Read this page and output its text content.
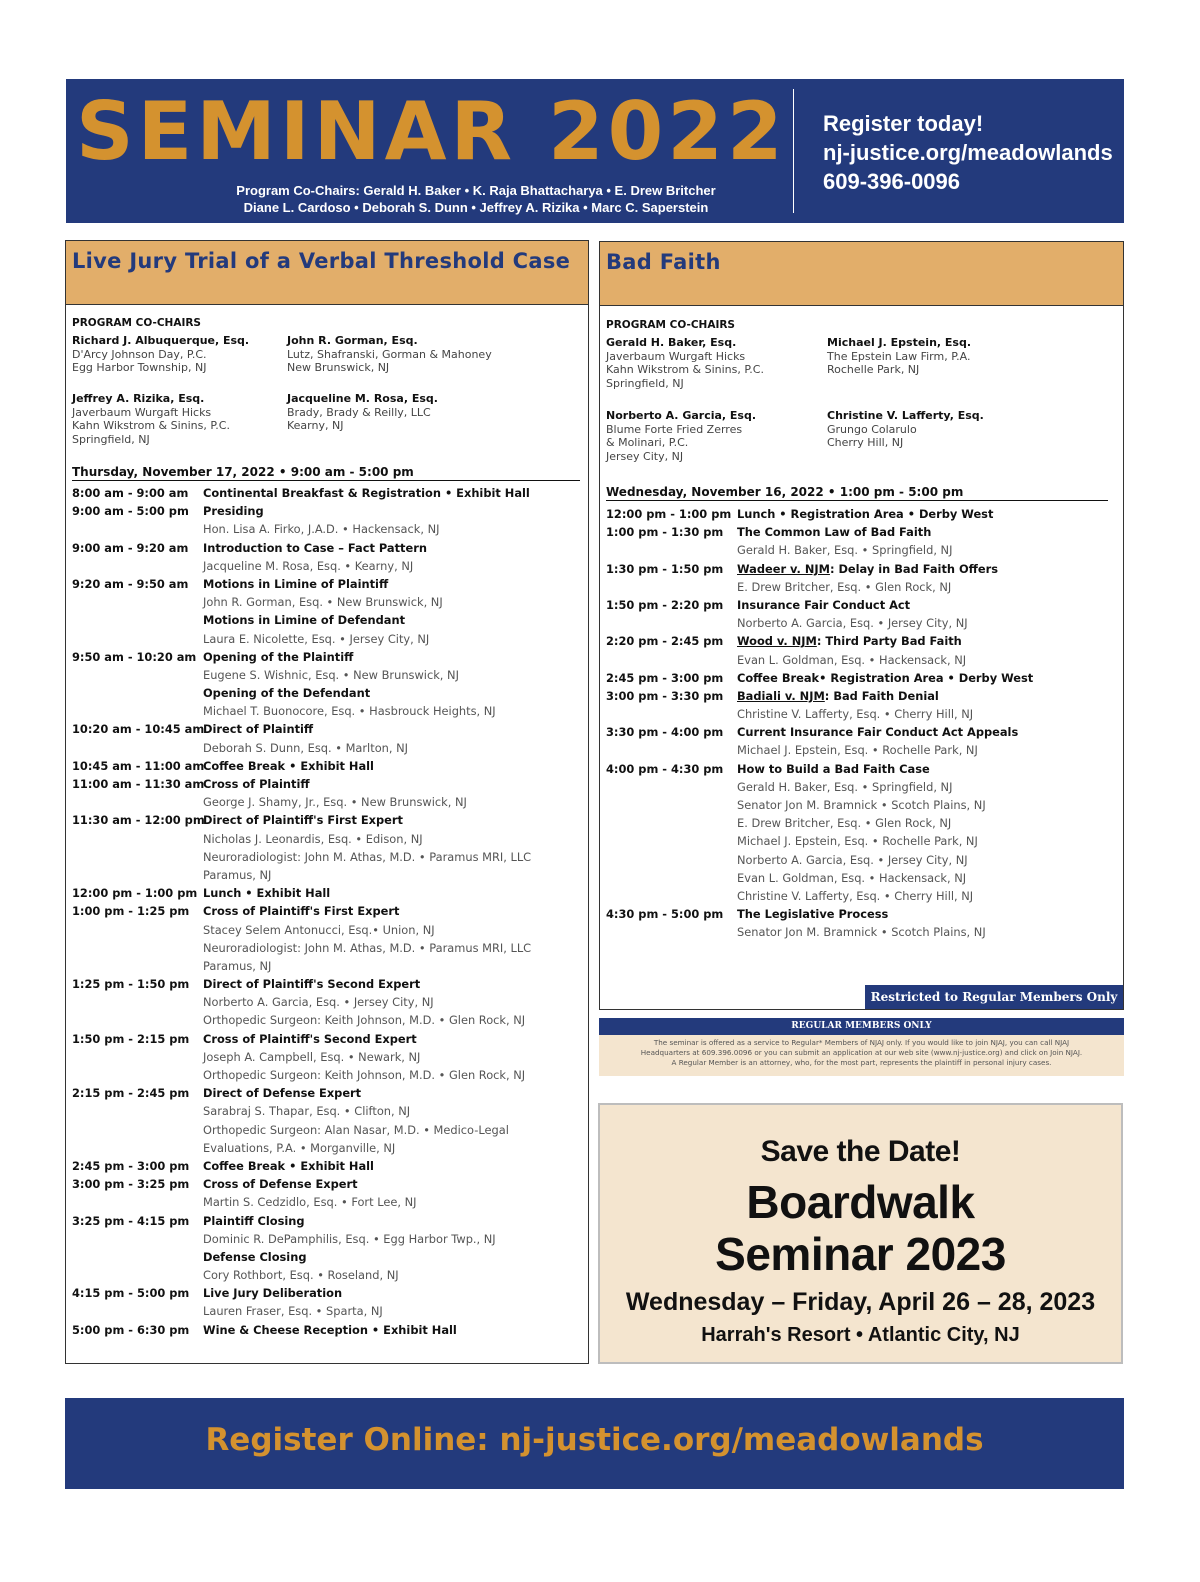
SEMINAR 2022
Program Co-Chairs: Gerald H. Baker • K. Raja Bhattacharya • E. Drew Britcher
Diane L. Cardoso • Deborah S. Dunn • Jeffrey A. Rizika • Marc C. Saperstein
Register today!
nj-justice.org/meadowlands
609-396-0096
Live Jury Trial of a Verbal Threshold Case
PROGRAM CO-CHAIRS
Richard J. Albuquerque, Esq.
D'Arcy Johnson Day, P.C.
Egg Harbor Township, NJ
John R. Gorman, Esq.
Lutz, Shafranski, Gorman & Mahoney
New Brunswick, NJ
Jeffrey A. Rizika, Esq.
Javerbaum Wurgaft Hicks
Kahn Wikstrom & Sinins, P.C.
Springfield, NJ
Jacqueline M. Rosa, Esq.
Brady, Brady & Reilly, LLC
Kearny, NJ
Thursday, November 17, 2022 • 9:00 am - 5:00 pm
8:00 am - 9:00 am Continental Breakfast & Registration • Exhibit Hall
9:00 am - 5:00 pm Presiding
Hon. Lisa A. Firko, J.A.D. • Hackensack, NJ
9:00 am - 9:20 am Introduction to Case – Fact Pattern
Jacqueline M. Rosa, Esq. • Kearny, NJ
9:20 am - 9:50 am Motions in Limine of Plaintiff
John R. Gorman, Esq. • New Brunswick, NJ
Motions in Limine of Defendant
Laura E. Nicolette, Esq. • Jersey City, NJ
9:50 am - 10:20 am Opening of the Plaintiff
Eugene S. Wishnic, Esq. • New Brunswick, NJ
Opening of the Defendant
Michael T. Buonocore, Esq. • Hasbrouck Heights, NJ
10:20 am - 10:45 am
Direct of Plaintiff
Deborah S. Dunn, Esq. • Marlton, NJ
10:45 am - 11:00 am
Coffee Break • Exhibit Hall
11:00 am - 11:30 am
Cross of Plaintiff
George J. Shamy, Jr., Esq. • New Brunswick, NJ
11:30 am - 12:00 pm
Direct of Plaintiff's First Expert
Nicholas J. Leonardis, Esq. • Edison, NJ
Neuroradiologist: John M. Athas, M.D. • Paramus MRI, LLC
Paramus, NJ
12:00 pm - 1:00 pm Lunch • Exhibit Hall
1:00 pm - 1:25 pm Cross of Plaintiff's First Expert
Stacey Selem Antonucci, Esq.• Union, NJ
Neuroradiologist: John M. Athas, M.D. • Paramus MRI, LLC
Paramus, NJ
1:25 pm - 1:50 pm Direct of Plaintiff's Second Expert
Norberto A. Garcia, Esq. • Jersey City, NJ
Orthopedic Surgeon: Keith Johnson, M.D. • Glen Rock, NJ
1:50 pm - 2:15 pm Cross of Plaintiff's Second Expert
Joseph A. Campbell, Esq. • Newark, NJ
Orthopedic Surgeon: Keith Johnson, M.D. • Glen Rock, NJ
2:15 pm - 2:45 pm Direct of Defense Expert
Sarabraj S. Thapar, Esq. • Clifton, NJ
Orthopedic Surgeon: Alan Nasar, M.D. • Medico-Legal
Evaluations, P.A. • Morganville, NJ
2:45 pm - 3:00 pm Coffee Break • Exhibit Hall
3:00 pm - 3:25 pm Cross of Defense Expert
Martin S. Cedzidlo, Esq. • Fort Lee, NJ
3:25 pm - 4:15 pm Plaintiff Closing
Dominic R. DePamphilis, Esq. • Egg Harbor Twp., NJ
Defense Closing
Cory Rothbort, Esq. • Roseland, NJ
4:15 pm - 5:00 pm Live Jury Deliberation
Lauren Fraser, Esq. • Sparta, NJ
5:00 pm - 6:30 pm Wine & Cheese Reception • Exhibit Hall
Bad Faith
PROGRAM CO-CHAIRS
Gerald H. Baker, Esq.
Javerbaum Wurgaft Hicks
Kahn Wikstrom & Sinins, P.C.
Springfield, NJ
Michael J. Epstein, Esq.
The Epstein Law Firm, P.A.
Rochelle Park, NJ
Norberto A. Garcia, Esq.
Blume Forte Fried Zerres
& Molinari, P.C.
Jersey City, NJ
Christine V. Lafferty, Esq.
Grungo Colarulo
Cherry Hill, NJ
Wednesday, November 16, 2022 • 1:00 pm - 5:00 pm
12:00 pm - 1:00 pm Lunch • Registration Area • Derby West
1:00 pm - 1:30 pm The Common Law of Bad Faith
Gerald H. Baker, Esq. • Springfield, NJ
1:30 pm - 1:50 pm Wadeer v. NJM: Delay in Bad Faith Offers
E. Drew Britcher, Esq. • Glen Rock, NJ
1:50 pm - 2:20 pm Insurance Fair Conduct Act
Norberto A. Garcia, Esq. • Jersey City, NJ
2:20 pm - 2:45 pm Wood v. NJM: Third Party Bad Faith
Evan L. Goldman, Esq. • Hackensack, NJ
2:45 pm - 3:00 pm Coffee Break• Registration Area • Derby West
3:00 pm - 3:30 pm Badiali v. NJM: Bad Faith Denial
Christine V. Lafferty, Esq. • Cherry Hill, NJ
3:30 pm - 4:00 pm Current Insurance Fair Conduct Act Appeals
Michael J. Epstein, Esq. • Rochelle Park, NJ
4:00 pm - 4:30 pm How to Build a Bad Faith Case
Gerald H. Baker, Esq. • Springfield, NJ
Senator Jon M. Bramnick • Scotch Plains, NJ
E. Drew Britcher, Esq. • Glen Rock, NJ
Michael J. Epstein, Esq. • Rochelle Park, NJ
Norberto A. Garcia, Esq. • Jersey City, NJ
Evan L. Goldman, Esq. • Hackensack, NJ
Christine V. Lafferty, Esq. • Cherry Hill, NJ
4:30 pm - 5:00 pm The Legislative Process
Senator Jon M. Bramnick • Scotch Plains, NJ
Restricted to Regular Members Only
REGULAR MEMBERS ONLY
The seminar is offered as a service to Regular* Members of NJAJ only. If you would like to join NJAJ, you can call NJAJ
Headquarters at 609.396.0096 or you can submit an application at our web site (www.nj-justice.org) and click on Join NJAJ.
A Regular Member is an attorney, who, for the most part, represents the plaintiff in personal injury cases.
Save the Date!
Boardwalk
Seminar 2023
Wednesday – Friday, April 26 – 28, 2023
Harrah's Resort • Atlantic City, NJ
Register Online: nj-justice.org/meadowlands
